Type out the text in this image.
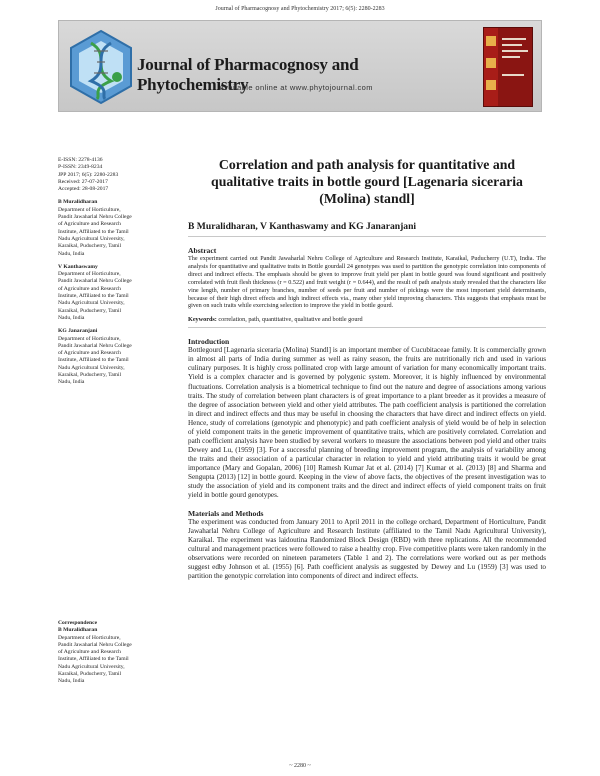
Journal of Pharmacognosy and Phytochemistry 2017; 6(5): 2280-2283
Journal of Pharmacognosy and Phytochemistry
Available online at www.phytojournal.com
E-ISSN: 2278-4136
P-ISSN: 2349-8234
JPP 2017; 6(5): 2280-2283
Received: 27-07-2017
Accepted: 28-08-2017
B Muralidharan
Department of Horticulture,
Pandit Jawaharlal Nehru College
of Agriculture and Research
Institute, Affiliated to the Tamil
Nadu Agricultural University,
Karaikal, Puducherry, Tamil
Nadu, India
V Kanthaswamy
Department of Horticulture,
Pandit Jawaharlal Nehru College
of Agriculture and Research
Institute, Affiliated to the Tamil
Nadu Agricultural University,
Karaikal, Puducherry, Tamil
Nadu, India
KG Janaranjani
Department of Horticulture,
Pandit Jawaharlal Nehru College
of Agriculture and Research
Institute, Affiliated to the Tamil
Nadu Agricultural University,
Karaikal, Puducherry, Tamil
Nadu, India
Correspondence
B Muralidharan
Department of Horticulture,
Pandit Jawaharlal Nehru College
of Agriculture and Research
Institute, Affiliated to the Tamil
Nadu Agricultural University,
Karaikal, Puducherry, Tamil
Nadu, India
Correlation and path analysis for quantitative and
qualitative traits in bottle gourd [Lagenaria siceraria
(Molina) standl]
B Muralidharan, V Kanthaswamy and KG Janaranjani
Abstract
The experiment carried out Pandit Jawaharlal Nehru College of Agriculture and Research Institute, Karaikal, Puducherry (U.T), India. The analysis for quantitative and qualitative traits in Bottle gourdall 24 genotypes was used to partition the genotypic correlation into components of direct and indirect effects. The emphasis should be given to improve fruit yield per plant in bottle gourd was found significant and positively correlated with fruit flesh thickness (r = 0.522) and fruit weight (r = 0.644), and the result of path analysis study revealed that the characters like vine length, number of primary branches, number of seeds per fruit and number of pickings were the most important yield determinants, because of their high direct effects and high indirect effects via., many other yield improving characters. This suggests that emphasis must be given on such traits while exercising selection to improve the yield in bottle gourd.
Keywords: correlation, path, quantitative, qualitative and bottle gourd
Introduction
Bottlegourd [Lagenaria siceraria (Molina) Standl] is an important member of Cucubitaceae family. It is commercially grown in almost all parts of India during summer as well as rainy season, the fruits are nutritionally rich and used in various culinary purposes. It is highly cross pollinated crop with large amount of variation for many economically important traits. Yield is a complex character and is governed by polygenic system. Moreover, it is highly influenced by environmental fluctuations. Correlation analysis is a biometrical technique to find out the nature and degree of associations among various traits. The study of correlation between plant characters is of great importance to a plant breeder as it provides a measure of the degree of association between yield and other yield attributes. The path coefficient analysis is partitioned the correlation in direct and indirect effects and thus may be useful in choosing the characters that have direct and indirect effects on yield. Hence, study of correlations (genotypic and phenotypic) and path coefficient analysis of yield would be of help in selection of yield component traits in the genetic improvement of quantitative traits, which are positively correlated. Correlation and path coefficient analysis have been studied by several workers to measure the associations between pod yield and other traits Dewey and Lu, (1959) [3]. For a successful planning of breeding improvement program, the analysis of variability among the traits and their association of a particular character in relation to yield and yield attributing traits it would be great importance (Mary and Gopalan, 2006) [10] Ramesh Kumar Jat et al. (2014) [7] Kumar et al. (2013) [8] and Sharma and Sengupta (2013) [12] in bottle gourd. Keeping in the view of above facts, the objectives of the present investigation was to study the association of yield and its component traits and the direct and indirect effects of yield component traits on fruit yield in bottle gourd genotypes.
Materials and Methods
The experiment was conducted from January 2011 to April 2011 in the college orchard, Department of Horticulture, Pandit Jawaharlal Nehru College of Agriculture and Research Institute (affiliated to the Tamil Nadu Agricultural University), Karaikal. The experiment was laidoutina Randomized Block Design (RBD) with three replications. All the recommended cultural and management practices were followed to raise a healthy crop. Five competitive plants were taken randomly in the observations were recorded on nineteen parameters (Table 1 and 2). The correlations were worked out as per methods suggest edby Johnson et al. (1955) [6]. Path coefficient analysis as suggested by Dewey and Lu (1959) [3] was used to partition the genotypic correlation into components of direct and indirect effects.
~ 2280 ~
